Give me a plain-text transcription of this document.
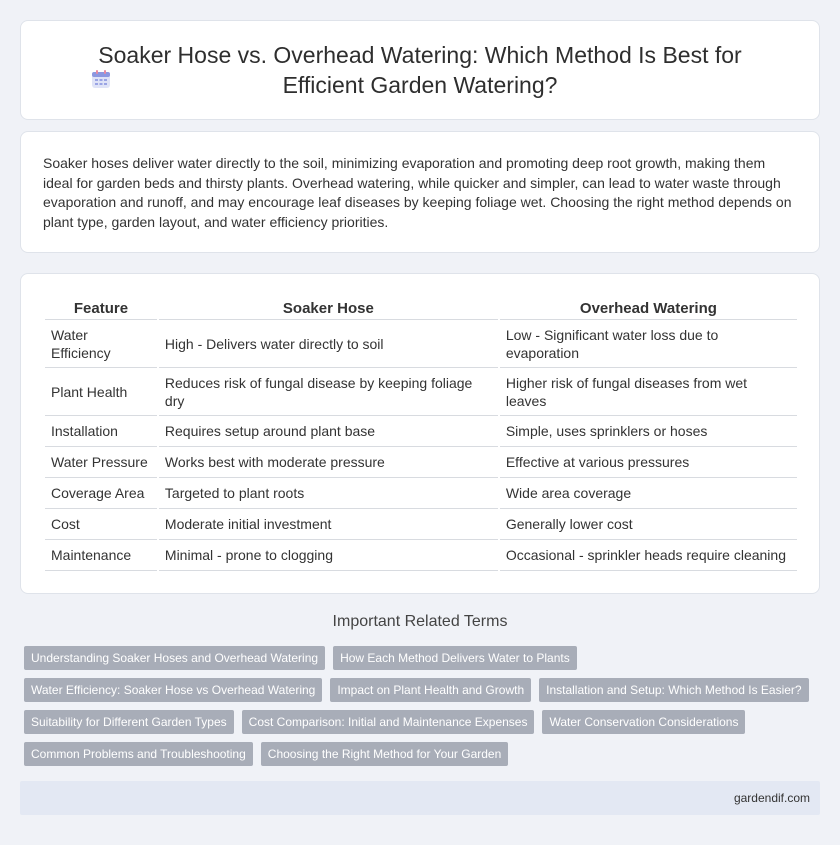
Soaker Hose vs. Overhead Watering: Which Method Is Best for Efficient Garden Watering?

Soaker hoses deliver water directly to the soil, minimizing evaporation and promoting deep root growth, making them ideal for garden beds and thirsty plants. Overhead watering, while quicker and simpler, can lead to water waste through evaporation and runoff, and may encourage leaf diseases by keeping foliage wet. Choosing the right method depends on plant type, garden layout, and water efficiency priorities.

Feature	Soaker Hose	Overhead Watering
Water Efficiency	High - Delivers water directly to soil	Low - Significant water loss due to evaporation
Plant Health	Reduces risk of fungal disease by keeping foliage dry	Higher risk of fungal diseases from wet leaves
Installation	Requires setup around plant base	Simple, uses sprinklers or hoses
Water Pressure	Works best with moderate pressure	Effective at various pressures
Coverage Area	Targeted to plant roots	Wide area coverage
Cost	Moderate initial investment	Generally lower cost
Maintenance	Minimal - prone to clogging	Occasional - sprinkler heads require cleaning
Important Related Terms
Understanding Soaker Hoses and Overhead Watering	How Each Method Delivers Water to Plants
Water Efficiency: Soaker Hose vs Overhead Watering	Impact on Plant Health and Growth	Installation and Setup: Which Method Is Easier?
Suitability for Different Garden Types	Cost Comparison: Initial and Maintenance Expenses	Water Conservation Considerations
Common Problems and Troubleshooting	Choosing the Right Method for Your Garden
gardendif.com
